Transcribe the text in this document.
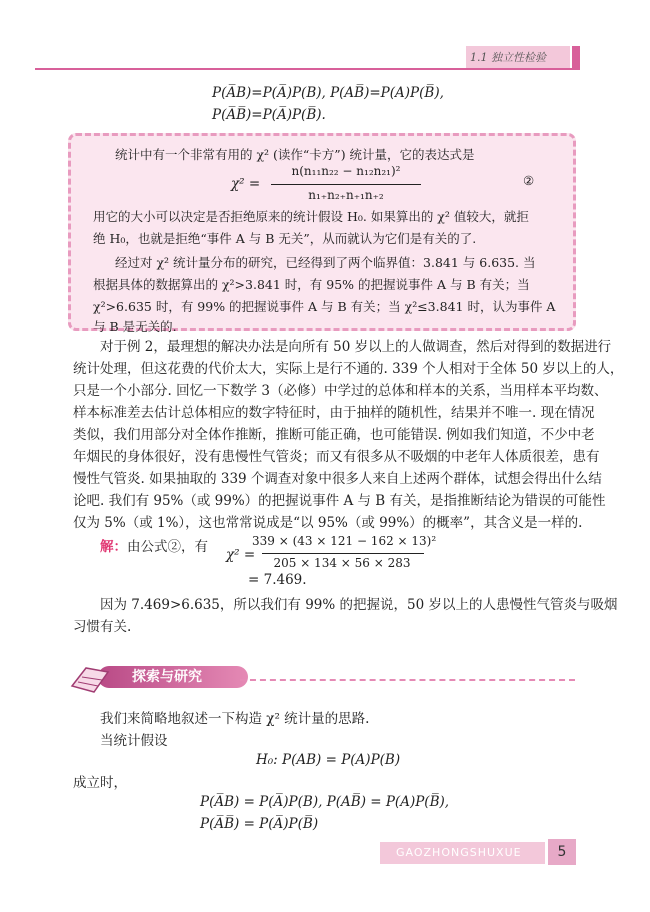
1.1 独立性检验
P(A̅B)=P(A̅)P(B), P(AB̅)=P(A)P(B̅),
P(A̅B̅)=P(A̅)P(B̅).
统计中有一个非常有用的 χ² (读作“卡方”) 统计量，它的表达式是
χ² =
n(n₁₁n₂₂ − n₁₂n₂₁)²
n₁₊n₂₊n₊₁n₊₂
②
用它的大小可以决定是否拒绝原来的统计假设 H₀. 如果算出的 χ² 值较大，就拒
绝 H₀，也就是拒绝“事件 A 与 B 无关”，从而就认为它们是有关的了.
经过对 χ² 统计量分布的研究，已经得到了两个临界值：3.841 与 6.635. 当
根据具体的数据算出的 χ²>3.841 时，有 95% 的把握说事件 A 与 B 有关；当
χ²>6.635 时，有 99% 的把握说事件 A 与 B 有关；当 χ²≤3.841 时，认为事件 A
与 B 是无关的.
对于例 2，最理想的解决办法是向所有 50 岁以上的人做调查，然后对得到的数据进行
统计处理，但这花费的代价太大，实际上是行不通的. 339 个人相对于全体 50 岁以上的人，
只是一个小部分. 回忆一下数学 3（必修）中学过的总体和样本的关系，当用样本平均数、
样本标准差去估计总体相应的数字特征时，由于抽样的随机性，结果并不唯一. 现在情况
类似，我们用部分对全体作推断，推断可能正确，也可能错误. 例如我们知道，不少中老
年烟民的身体很好，没有患慢性气管炎；而又有很多从不吸烟的中老年人体质很差，患有
慢性气管炎. 如果抽取的 339 个调查对象中很多人来自上述两个群体，试想会得出什么结
论吧. 我们有 95%（或 99%）的把握说事件 A 与 B 有关，是指推断结论为错误的可能性
仅为 5%（或 1%），这也常常说成是“以 95%（或 99%）的概率”，其含义是一样的.
解：由公式②，有 χ² =
339 × (43 × 121 − 162 × 13)²
205 × 134 × 56 × 283
= 7.469.
因为 7.469>6.635，所以我们有 99% 的把握说，50 岁以上的人患慢性气管炎与吸烟
习惯有关.
探索与研究
我们来简略地叙述一下构造 χ² 统计量的思路.
当统计假设
H₀: P(AB) = P(A)P(B)
成立时，
P(A̅B) = P(A̅)P(B), P(AB̅) = P(A)P(B̅),
P(A̅B̅) = P(A̅)P(B̅)
GAOZHONGSHUXUE	5
